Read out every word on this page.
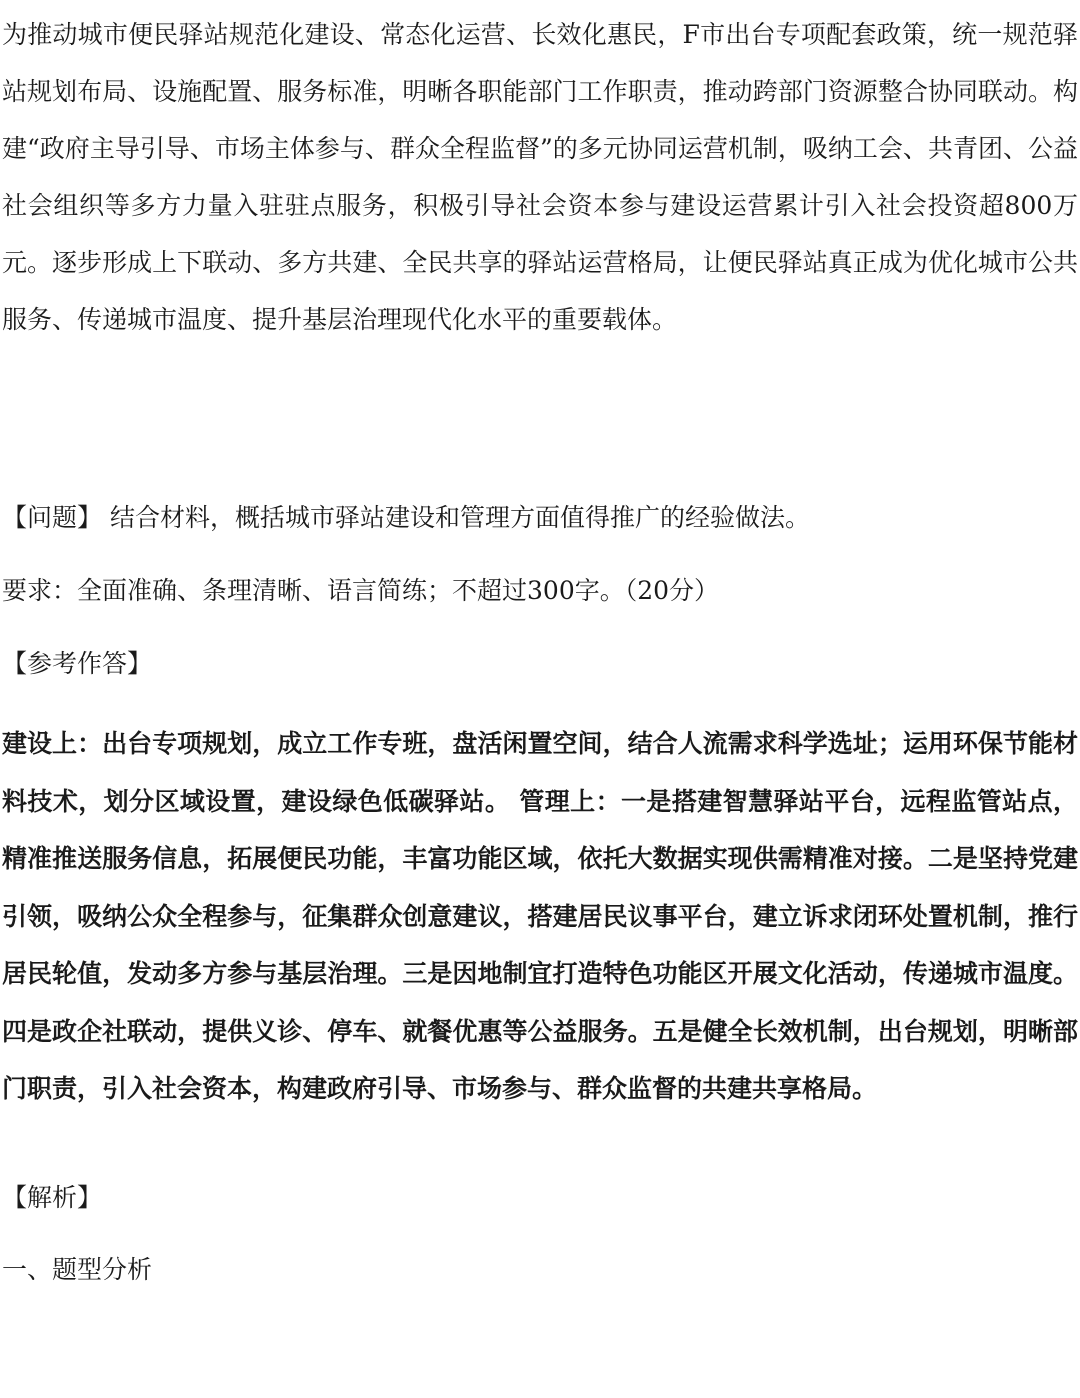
为推动城市便民驿站规范化建设、常态化运营、长效化惠民，F市出台专项配套政策，统一规范驿站规划布局、设施配置、服务标准，明晰各职能部门工作职责，推动跨部门资源整合协同联动。构建“政府主导引导、市场主体参与、群众全程监督”的多元协同运营机制，吸纳工会、共青团、公益社会组织等多方力量入驻驻点服务，积极引导社会资本参与建设运营累计引入社会投资超800万元。逐步形成上下联动、多方共建、全民共享的驿站运营格局，让便民驿站真正成为优化城市公共服务、传递城市温度、提升基层治理现代化水平的重要载体。

【问题】 结合材料，概括城市驿站建设和管理方面值得推广的经验做法。

要求：全面准确、条理清晰、语言简练；不超过300字。（20分）

【参考作答】

建设上：出台专项规划，成立工作专班，盘活闲置空间，结合人流需求科学选址；运用环保节能材料技术，划分区域设置，建设绿色低碳驿站。 管理上：一是搭建智慧驿站平台，远程监管站点，精准推送服务信息，拓展便民功能，丰富功能区域，依托大数据实现供需精准对接。二是坚持党建引领，吸纳公众全程参与，征集群众创意建议，搭建居民议事平台，建立诉求闭环处置机制，推行居民轮值，发动多方参与基层治理。三是因地制宜打造特色功能区开展文化活动，传递城市温度。四是政企社联动，提供义诊、停车、就餐优惠等公益服务。五是健全长效机制，出台规划，明晰部门职责，引入社会资本，构建政府引导、市场参与、群众监督的共建共享格局。

【解析】

一、题型分析
